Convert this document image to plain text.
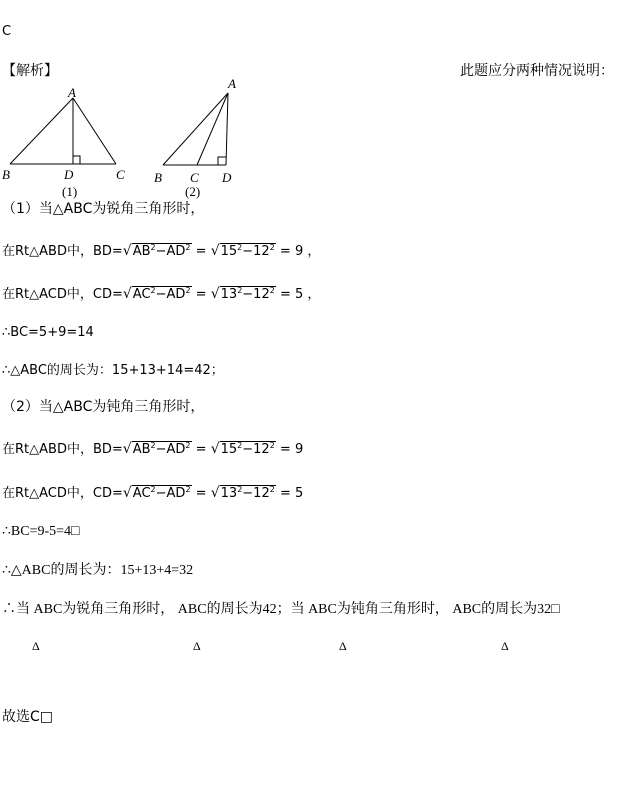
C
【解析】	此题应分两种情况说明：
A
B	D	C
(1)
A
B C D
(2)
（1）当△ABC为锐角三角形时，
在Rt△ABD中，$BD=√AB^2-AD^2 = √15^2-12^2 = 9$ ，
在Rt△ACD中，$CD=√AC^2-AD^2 = √13^2-12^2 = 5$ ，
∴BC=5+9=14
∴△ABC的周长为：15+13+14=42；
（2）当△ABC为钝角三角形时，
在Rt△ABD中，$BD=√AB^2-AD^2 = √15^2-12^2 = 9$
在Rt△ACD中，$CD=√AC^2-AD^2 = √13^2-12^2 = 5$
∴BC=9-5=4□
∴△ABC的周长为：15+13+4=32
∴当 ABC为锐角三角形时， ABC的周长为42；当 ABC为钝角三角形时， ABC的周长为32□
Δ	Δ	Δ	Δ
故选C□
